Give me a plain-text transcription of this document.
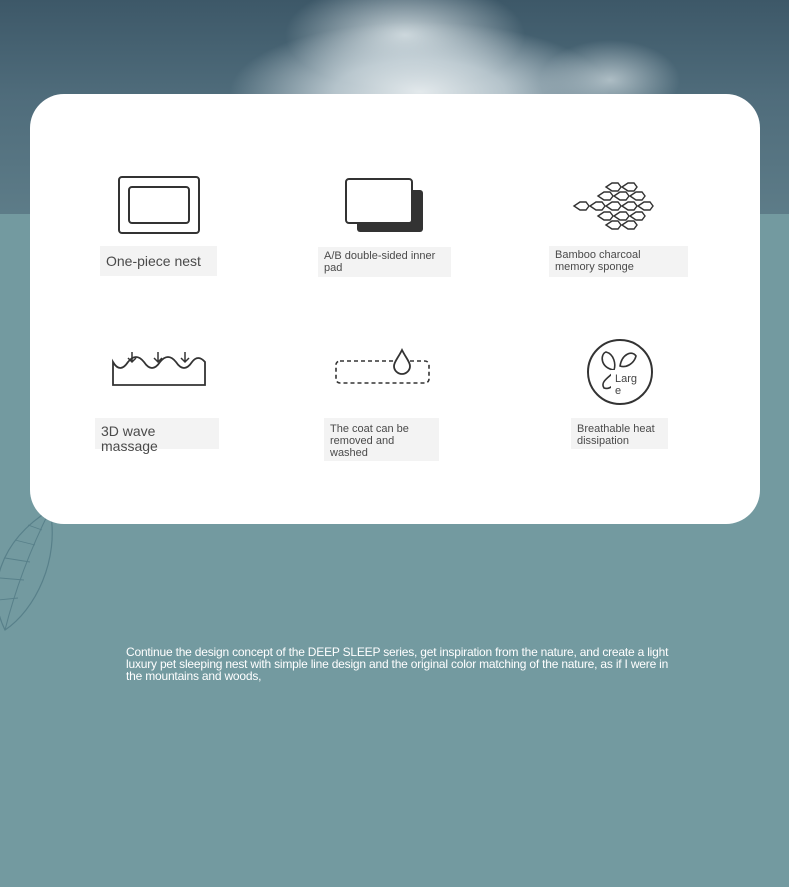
One-piece nest	A/B double-sided inner pad
Bamboo charcoal memory sponge
3D wave massage
The coat can be removed and washed
Large
Breathable heat dissipation
Continue the design concept of the DEEP SLEEP series, get inspiration from the nature, and create a light luxury pet sleeping nest with simple line design and the original color matching of the nature, as if I were in the mountains and woods,
